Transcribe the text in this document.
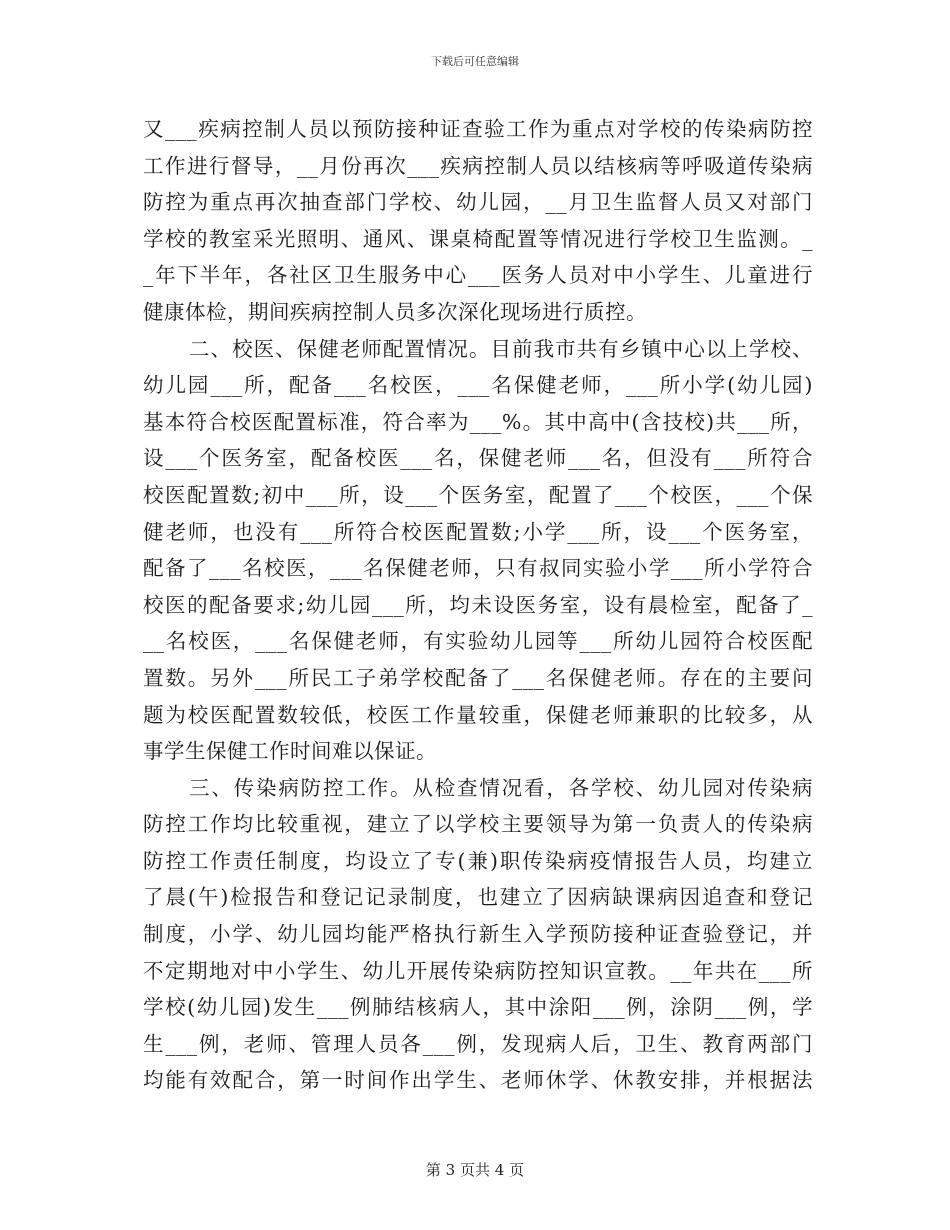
下载后可任意编辑
又___疾病控制人员以预防接种证查验工作为重点对学校的传染病防控
工作进行督导，__月份再次___疾病控制人员以结核病等呼吸道传染病
防控为重点再次抽查部门学校、幼儿园，__月卫生监督人员又对部门
学校的教室采光照明、通风、课桌椅配置等情况进行学校卫生监测。_
_年下半年，各社区卫生服务中心___医务人员对中小学生、儿童进行
健康体检，期间疾病控制人员多次深化现场进行质控。
二、校医、保健老师配置情况。目前我市共有乡镇中心以上学校、
幼儿园___所，配备___名校医，___名保健老师，___所小学(幼儿园)
基本符合校医配置标准，符合率为___%。其中高中(含技校)共___所，
设___个医务室，配备校医___名，保健老师___名，但没有___所符合
校医配置数;初中___所，设___个医务室，配置了___个校医，___个保
健老师，也没有___所符合校医配置数;小学___所，设___个医务室，
配备了___名校医，___名保健老师，只有叔同实验小学___所小学符合
校医的配备要求;幼儿园___所，均未设医务室，设有晨检室，配备了_
__名校医，___名保健老师，有实验幼儿园等___所幼儿园符合校医配
置数。另外___所民工子弟学校配备了___名保健老师。存在的主要问
题为校医配置数较低，校医工作量较重，保健老师兼职的比较多，从
事学生保健工作时间难以保证。
三、传染病防控工作。从检查情况看，各学校、幼儿园对传染病
防控工作均比较重视，建立了以学校主要领导为第一负责人的传染病
防控工作责任制度，均设立了专(兼)职传染病疫情报告人员，均建立
了晨(午)检报告和登记记录制度，也建立了因病缺课病因追查和登记
制度，小学、幼儿园均能严格执行新生入学预防接种证查验登记，并
不定期地对中小学生、幼儿开展传染病防控知识宣教。__年共在___所
学校(幼儿园)发生___例肺结核病人，其中涂阳___例，涂阴___例，学
生___例，老师、管理人员各___例，发现病人后，卫生、教育两部门
均能有效配合，第一时间作出学生、老师休学、休教安排，并根据法
第 3 页共 4 页
